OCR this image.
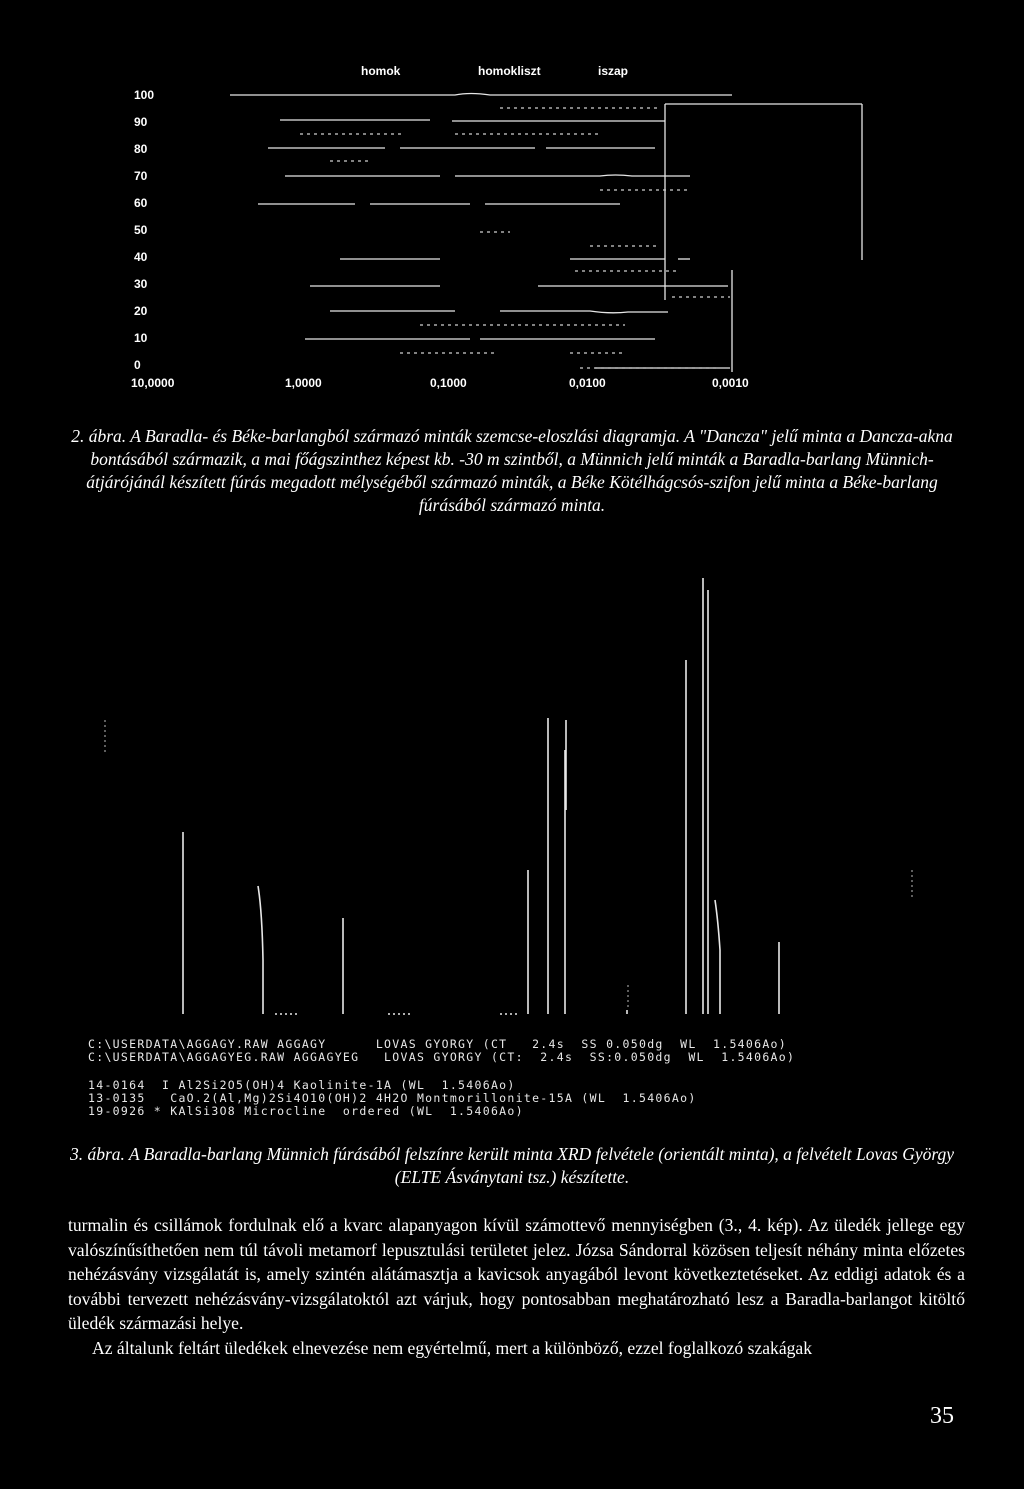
homok	homokliszt	iszap
100
90
80
70
60
50
40
30
20
10
0
10,0000	1,0000	0,1000	0,0100	0,0010
2. ábra. A Baradla- és Béke-barlangból származó minták szemcse-eloszlási diagramja. A "Dancza" jelű minta a Dancza-akna bontásából származik, a mai főágszinthez képest kb. -30 m szintből, a Münnich jelű minták a Baradla-barlang Münnich-átjárójánál készített fúrás megadott mélységéből származó minták, a Béke Kötélhágcsós-szifon jelű minta a Béke-barlang fúrásából származó minta.
C:\USERDATA\AGGAGY.RAW AGGAGY      LOVAS GYORGY (CT   2.4s  SS 0.050dg  WL  1.5406Ao)
C:\USERDATA\AGGAGYEG.RAW AGGAGYEG   LOVAS GYORGY (CT:  2.4s  SS:0.050dg  WL  1.5406Ao)
14-0164  I Al2Si2O5(OH)4 Kaolinite-1A (WL  1.5406Ao)
13-0135   CaO.2(Al,Mg)2Si4O10(OH)2 4H2O Montmorillonite-15A (WL  1.5406Ao)
19-0926 * KAlSi3O8 Microcline  ordered (WL  1.5406Ao)
3. ábra. A Baradla-barlang Münnich fúrásából felszínre került minta XRD felvétele (orientált minta), a felvételt Lovas György (ELTE Ásványtani tsz.) készítette.

turmalin és csillámok fordulnak elő a kvarc alapanyagon kívül számottevő mennyiségben (3., 4. kép). Az üledék jellege egy valószínűsíthetően nem túl távoli metamorf lepusztulási területet jelez. Józsa Sándorral közösen teljesít néhány minta előzetes nehézásvány vizsgálatát is, amely szintén alátámasztja a kavicsok anyagából levont következtetéseket. Az eddigi adatok és a további tervezett nehézásvány-vizsgálatoktól azt várjuk, hogy pontosabban meghatározható lesz a Baradla-barlangot kitöltő üledék származási helye.

Az általunk feltárt üledékek elnevezése nem egyértelmű, mert a különböző, ezzel foglalkozó szakágak

35
